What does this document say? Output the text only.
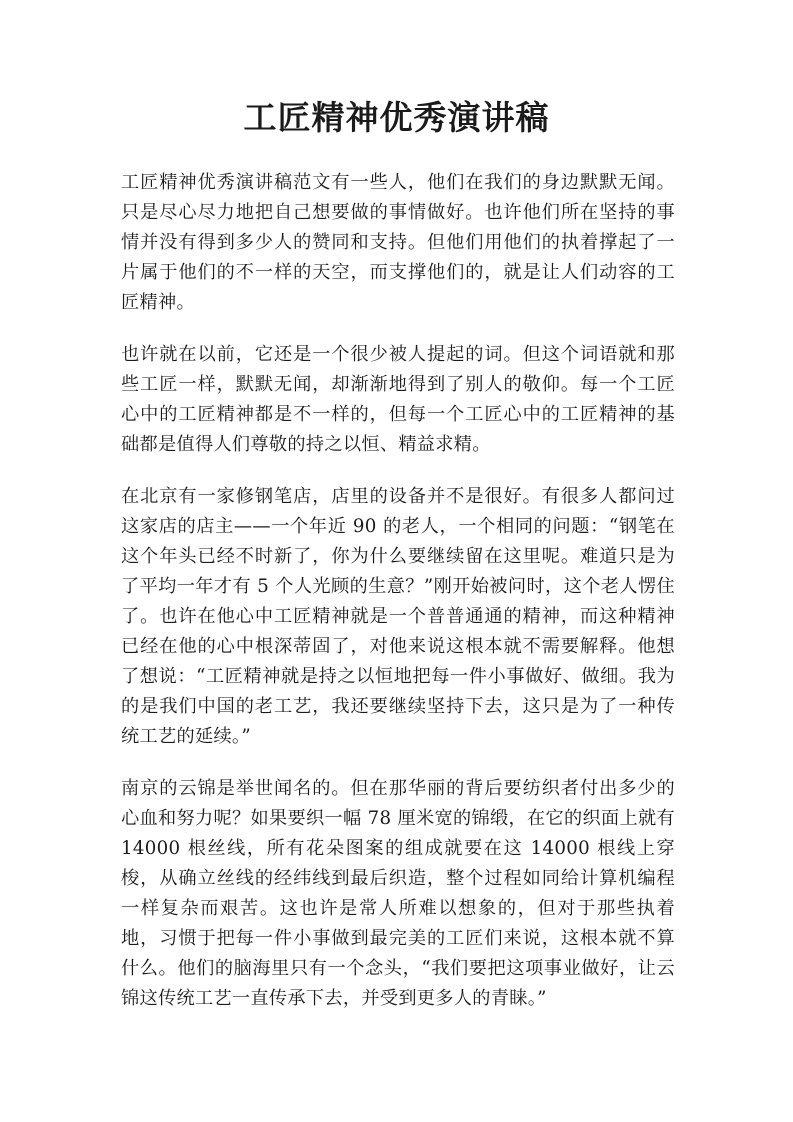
工匠精神优秀演讲稿

工匠精神优秀演讲稿范文有一些人，他们在我们的身边默默无闻。只是尽心尽力地把自己想要做的事情做好。也许他们所在坚持的事情并没有得到多少人的赞同和支持。但他们用他们的执着撑起了一片属于他们的不一样的天空，而支撑他们的，就是让人们动容的工匠精神。

也许就在以前，它还是一个很少被人提起的词。但这个词语就和那些工匠一样，默默无闻，却渐渐地得到了别人的敬仰。每一个工匠心中的工匠精神都是不一样的，但每一个工匠心中的工匠精神的基础都是值得人们尊敬的持之以恒、精益求精。

在北京有一家修钢笔店，店里的设备并不是很好。有很多人都问过这家店的店主——一个年近 90 的老人，一个相同的问题：“钢笔在这个年头已经不时新了，你为什么要继续留在这里呢。难道只是为了平均一年才有 5 个人光顾的生意？”刚开始被问时，这个老人愣住了。也许在他心中工匠精神就是一个普普通通的精神，而这种精神已经在他的心中根深蒂固了，对他来说这根本就不需要解释。他想了想说：“工匠精神就是持之以恒地把每一件小事做好、做细。我为的是我们中国的老工艺，我还要继续坚持下去，这只是为了一种传统工艺的延续。”

南京的云锦是举世闻名的。但在那华丽的背后要纺织者付出多少的心血和努力呢？如果要织一幅 78 厘米宽的锦缎，在它的织面上就有 14000 根丝线，所有花朵图案的组成就要在这 14000 根线上穿梭，从确立丝线的经纬线到最后织造，整个过程如同给计算机编程一样复杂而艰苦。这也许是常人所难以想象的，但对于那些执着地，习惯于把每一件小事做到最完美的工匠们来说，这根本就不算什么。他们的脑海里只有一个念头，“我们要把这项事业做好，让云锦这传统工艺一直传承下去，并受到更多人的青睐。”
